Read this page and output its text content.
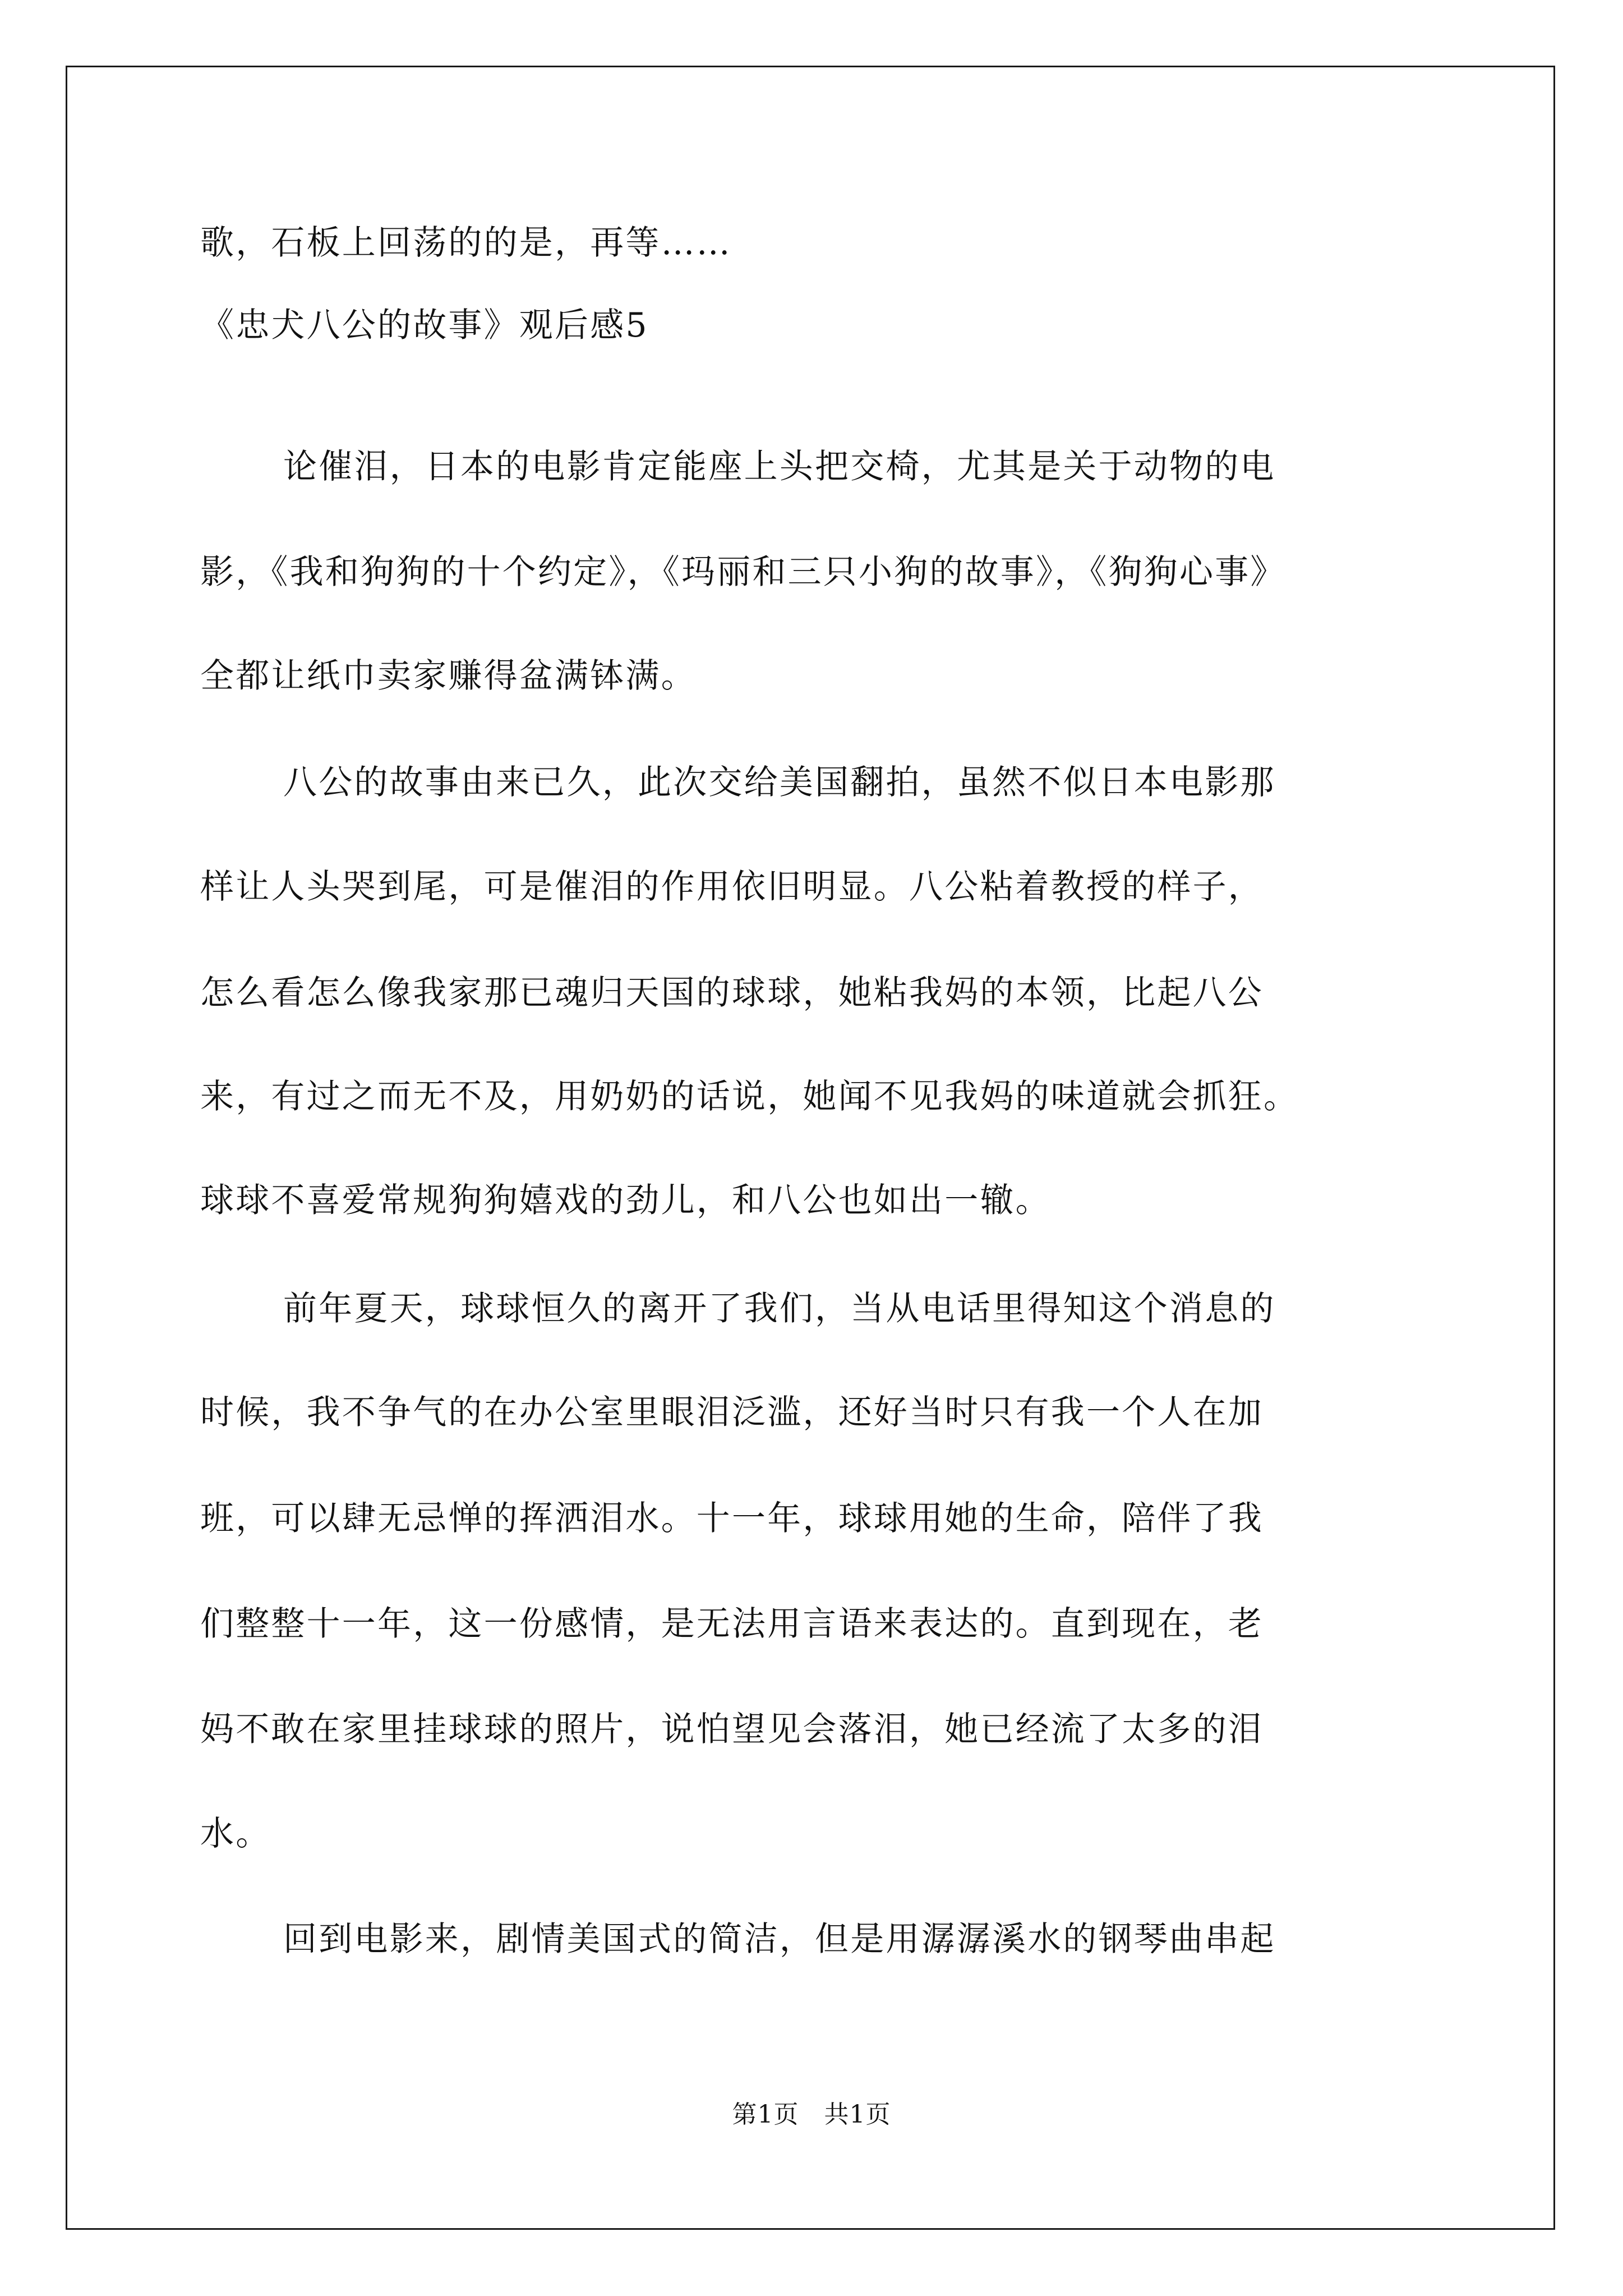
歌，石板上回荡的的是，再等……
《忠犬八公的故事》观后感5
论催泪，日本的电影肯定能座上头把交椅，尤其是关于动物的电
影，《我和狗狗的十个约定》，《玛丽和三只小狗的故事》，《狗狗心事》
全都让纸巾卖家赚得盆满钵满。
八公的故事由来已久，此次交给美国翻拍，虽然不似日本电影那
样让人头哭到尾，可是催泪的作用依旧明显。八公粘着教授的样子，
怎么看怎么像我家那已魂归天国的球球，她粘我妈的本领，比起八公
来，有过之而无不及，用奶奶的话说，她闻不见我妈的味道就会抓狂。
球球不喜爱常规狗狗嬉戏的劲儿，和八公也如出一辙。
前年夏天，球球恒久的离开了我们，当从电话里得知这个消息的
时候，我不争气的在办公室里眼泪泛滥，还好当时只有我一个人在加
班，可以肆无忌惮的挥洒泪水。十一年，球球用她的生命，陪伴了我
们整整十一年，这一份感情，是无法用言语来表达的。直到现在，老
妈不敢在家里挂球球的照片，说怕望见会落泪，她已经流了太多的泪
水。
回到电影来，剧情美国式的简洁，但是用潺潺溪水的钢琴曲串起
第1页　共1页
